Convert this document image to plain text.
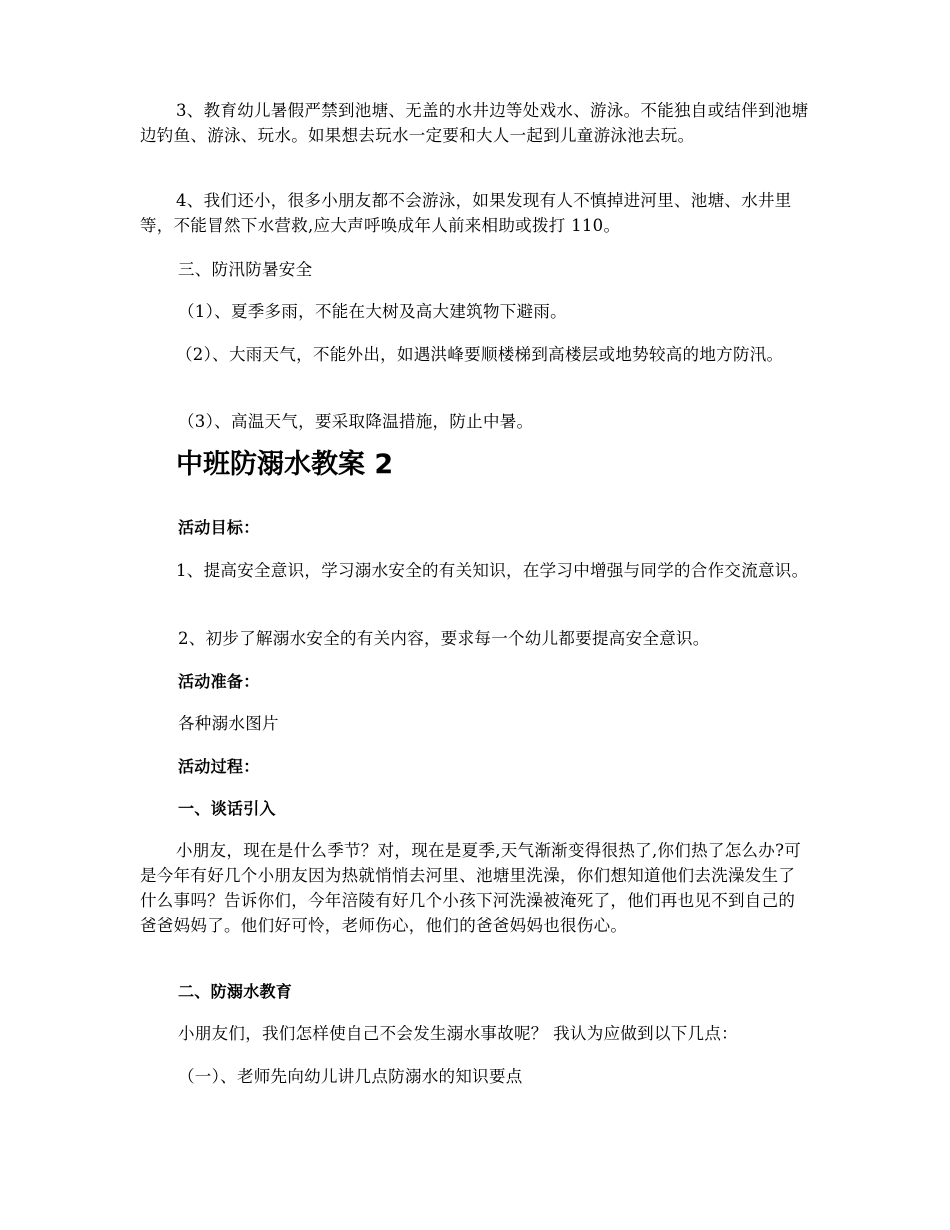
3、教育幼儿暑假严禁到池塘、无盖的水井边等处戏水、游泳。不能独自或结伴到池塘边钓鱼、游泳、玩水。如果想去玩水一定要和大人一起到儿童游泳池去玩。

4、我们还小，很多小朋友都不会游泳，如果发现有人不慎掉进河里、池塘、水井里等，不能冒然下水营救,应大声呼唤成年人前来相助或拨打 110。

三、防汛防暑安全

（1）、夏季多雨，不能在大树及高大建筑物下避雨。

（2）、大雨天气，不能外出，如遇洪峰要顺楼梯到高楼层或地势较高的地方防汛。

（3）、高温天气，要采取降温措施，防止中暑。

中班防溺水教案 2

活动目标：

1、提高安全意识，学习溺水安全的有关知识，在学习中增强与同学的合作交流意识。

2、初步了解溺水安全的有关内容，要求每一个幼儿都要提高安全意识。

活动准备：

各种溺水图片

活动过程：

一、谈话引入

小朋友，现在是什么季节？对，现在是夏季,天气渐渐变得很热了,你们热了怎么办?可是今年有好几个小朋友因为热就悄悄去河里、池塘里洗澡，你们想知道他们去洗澡发生了什么事吗？告诉你们，今年涪陵有好几个小孩下河洗澡被淹死了，他们再也见不到自己的爸爸妈妈了。他们好可怜，老师伤心，他们的爸爸妈妈也很伤心。

二、防溺水教育

小朋友们，我们怎样使自己不会发生溺水事故呢？ 我认为应做到以下几点：

（一）、老师先向幼儿讲几点防溺水的知识要点
